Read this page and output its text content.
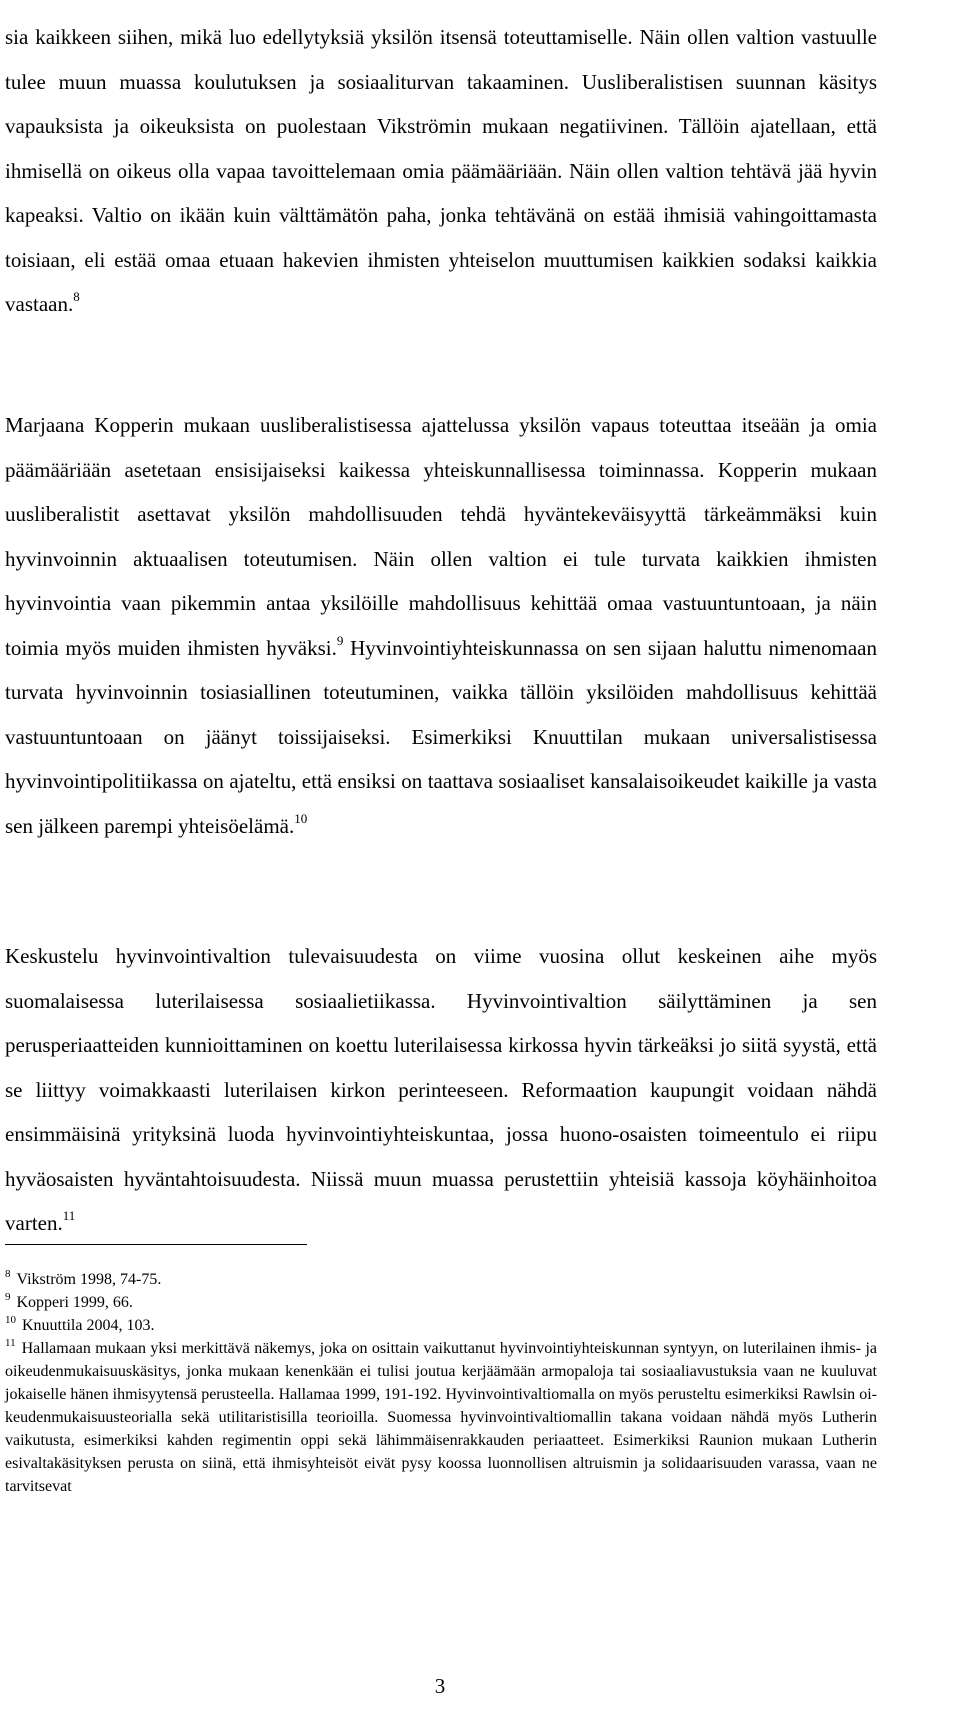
sia kaikkeen siihen, mikä luo edellytyksiä yksilön itsensä toteuttamiselle. Näin ollen valtion vastuulle tulee muun muassa koulutuksen ja sosiaaliturvan takaaminen. Uusliberalistisen suunnan käsitys vapauksista ja oikeuksista on puolestaan Vikströmin mukaan negatiivinen. Tällöin ajatellaan, että ihmisellä on oikeus olla vapaa tavoittelemaan omia päämääriään. Näin ollen valtion tehtävä jää hyvin kapeaksi. Valtio on ikään kuin välttämätön paha, jonka tehtävänä on estää ihmisiä vahingoittamasta toisiaan, eli estää omaa etuaan hakevien ihmisten yhteiselon muuttumisen kaikkien sodaksi kaikkia vastaan.$^8$

Marjaana Kopperin mukaan uusliberalistisessa ajattelussa yksilön vapaus toteuttaa itseään ja omia päämääriään asetetaan ensisijaiseksi kaikessa yhteiskunnallisessa toiminnassa. Kopperin mukaan uusliberalistit asettavat yksilön mahdollisuuden tehdä hyväntekeväisyyttä tärkeämmäksi kuin hyvinvoinnin aktuaalisen toteutumisen. Näin ollen valtion ei tule turvata kaikkien ihmisten hyvinvointia vaan pikemmin antaa yksilöille mahdollisuus kehittää omaa vastuuntuntoaan, ja näin toimia myös muiden ihmisten hyväksi.$^9$ Hyvinvointiyhteiskunnassa on sen sijaan haluttu nimenomaan turvata hyvinvoinnin tosiasiallinen toteutuminen, vaikka tällöin yksilöiden mahdollisuus kehittää vastuuntuntoaan on jäänyt toissijaiseksi. Esimerkiksi Knuuttilan mukaan universalistisessa hyvinvointipolitiikassa on ajateltu, että ensiksi on taattava sosiaaliset kansalaisoikeudet kaikille ja vasta sen jälkeen parempi yhteisöelämä.$^{10}$

Keskustelu hyvinvointivaltion tulevaisuudesta on viime vuosina ollut keskeinen aihe myös suomalaisessa luterilaisessa sosiaalietiikassa. Hyvinvointivaltion säilyttäminen ja sen perusperiaatteiden kunnioittaminen on koettu luterilaisessa kirkossa hyvin tärkeäksi jo siitä syystä, että se liittyy voimakkaasti luterilaisen kirkon perinteeseen. Reformaation kaupungit voidaan nähdä ensimmäisinä yrityksinä luoda hyvinvointiyhteiskuntaa, jossa huono-osaisten toimeentulo ei riipu hyväosaisten hyväntahtoisuudesta. Niissä muun muassa perustettiin yhteisiä kassoja köyhäinhoitoa varten.$^{11}$

$^8$ Vikström 1998, 74-75.

$^9$ Kopperi 1999, 66.

$^{10}$ Knuuttila 2004, 103.

$^{11}$ Hallamaan mukaan yksi merkittävä näkemys, joka on osittain vaikuttanut hyvinvointiyhteiskunnan syntyyn, on luterilainen ihmis- ja oikeudenmukaisuuskäsitys, jonka mukaan kenenkään ei tulisi joutua kerjäämään armopaloja tai sosiaaliavustuksia vaan ne kuuluvat jokaiselle hänen ihmisyytensä perusteella. Hallamaa 1999, 191-192. Hyvinvointivaltiomalla on myös perusteltu esimerkiksi Rawlsin oikeudenmukaisuusteorialla sekä utilitaristisilla teorioilla. Suomessa hyvinvointivaltiomallin takana voidaan nähdä myös Lutherin vaikutusta, esimerkiksi kahden regimentin oppi sekä lähimmäisenrakkauden periaatteet. Esimerkiksi Raunion mukaan Lutherin esivaltakäsityksen perusta on siinä, että ihmisyhteisöt eivät pysy koossa luonnollisen altruismin ja solidaarisuuden varassa, vaan ne tarvitsevat

3
